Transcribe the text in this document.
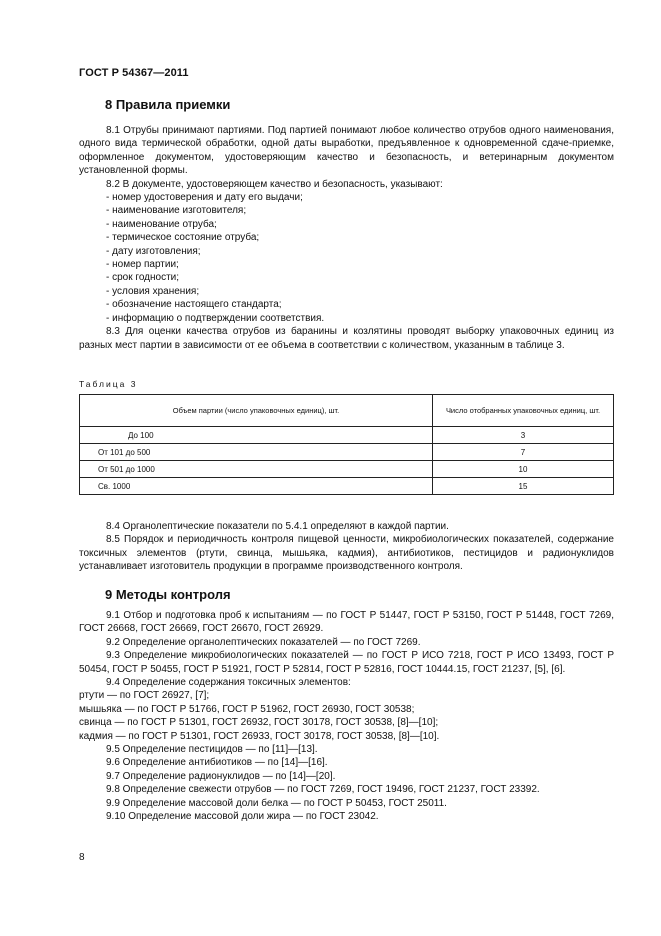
ГОСТ Р 54367—2011
8 Правила приемки

8.1 Отрубы принимают партиями. Под партией понимают любое количество отрубов одного наименования, одного вида термической обработки, одной даты выработки, предъявленное к одновременной сдаче-приемке, оформленное документом, удостоверяющим качество и безопасность, и ветеринарным документом установленной формы.

8.2 В документе, удостоверяющем качество и безопасность, указывают:

- номер удостоверения и дату его выдачи;

- наименование изготовителя;

- наименование отруба;

- термическое состояние отруба;

- дату изготовления;

- номер партии;

- срок годности;

- условия хранения;

- обозначение настоящего стандарта;

- информацию о подтверждении соответствия.

8.3 Для оценки качества отрубов из баранины и козлятины проводят выборку упаковочных единиц из разных мест партии в зависимости от ее объема в соответствии с количеством, указанным в таблице 3.

Таблица 3
Объем партии (число упаковочных единиц), шт.	Число отобранных упаковочных единиц, шт.
До 100	3
От 101 до 500	7
От 501 до 1000	10
Св. 1000	15

8.4 Органолептические показатели по 5.4.1 определяют в каждой партии.

8.5 Порядок и периодичность контроля пищевой ценности, микробиологических показателей, содержание токсичных элементов (ртути, свинца, мышьяка, кадмия), антибиотиков, пестицидов и радионуклидов устанавливает изготовитель продукции в программе производственного контроля.

9 Методы контроля

9.1 Отбор и подготовка проб к испытаниям — по ГОСТ Р 51447, ГОСТ Р 53150, ГОСТ Р 51448, ГОСТ 7269, ГОСТ 26668, ГОСТ 26669, ГОСТ 26670, ГОСТ 26929.

9.2 Определение органолептических показателей — по ГОСТ 7269.

9.3 Определение микробиологических показателей — по ГОСТ Р ИСО 7218, ГОСТ Р ИСО 13493, ГОСТ Р 50454, ГОСТ Р 50455, ГОСТ Р 51921, ГОСТ Р 52814, ГОСТ Р 52816, ГОСТ 10444.15, ГОСТ 21237, [5], [6].

9.4 Определение содержания токсичных элементов:

ртути — по ГОСТ 26927, [7];

мышьяка — по ГОСТ Р 51766, ГОСТ Р 51962, ГОСТ 26930, ГОСТ 30538;

свинца — по ГОСТ Р 51301, ГОСТ 26932, ГОСТ 30178, ГОСТ 30538, [8]—[10];

кадмия — по ГОСТ Р 51301, ГОСТ 26933, ГОСТ 30178, ГОСТ 30538, [8]—[10].

9.5 Определение пестицидов — по [11]—[13].

9.6 Определение антибиотиков — по [14]—[16].

9.7 Определение радионуклидов — по [14]—[20].

9.8 Определение свежести отрубов — по ГОСТ 7269, ГОСТ 19496, ГОСТ 21237, ГОСТ 23392.

9.9 Определение массовой доли белка — по ГОСТ Р 50453, ГОСТ 25011.

9.10 Определение массовой доли жира — по ГОСТ 23042.

8
